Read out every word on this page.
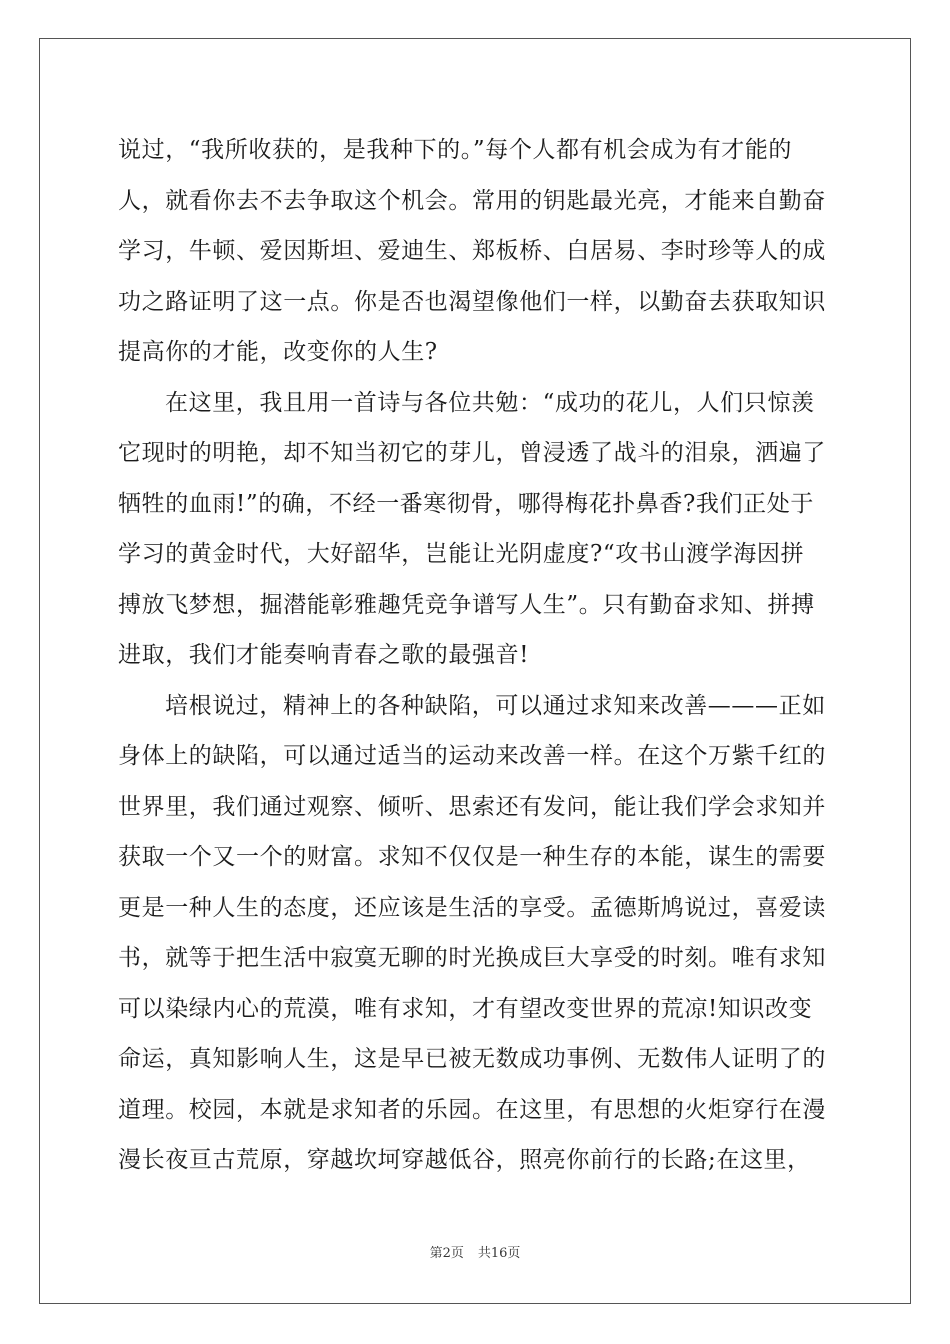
说过，“我所收获的，是我种下的。”每个人都有机会成为有才能的
人，就看你去不去争取这个机会。常用的钥匙最光亮，才能来自勤奋
学习，牛顿、爱因斯坦、爱迪生、郑板桥、白居易、李时珍等人的成
功之路证明了这一点。你是否也渴望像他们一样，以勤奋去获取知识
提高你的才能，改变你的人生?
在这里，我且用一首诗与各位共勉：“成功的花儿，人们只惊羡
它现时的明艳，却不知当初它的芽儿，曾浸透了战斗的泪泉，洒遍了
牺牲的血雨!”的确，不经一番寒彻骨，哪得梅花扑鼻香?我们正处于
学习的黄金时代，大好韶华，岂能让光阴虚度?“攻书山渡学海因拼
搏放飞梦想，掘潜能彰雅趣凭竞争谱写人生”。只有勤奋求知、拼搏
进取，我们才能奏响青春之歌的最强音!
培根说过，精神上的各种缺陷，可以通过求知来改善———正如
身体上的缺陷，可以通过适当的运动来改善一样。在这个万紫千红的
世界里，我们通过观察、倾听、思索还有发问，能让我们学会求知并
获取一个又一个的财富。求知不仅仅是一种生存的本能，谋生的需要
更是一种人生的态度，还应该是生活的享受。孟德斯鸠说过，喜爱读
书，就等于把生活中寂寞无聊的时光换成巨大享受的时刻。唯有求知
可以染绿内心的荒漠，唯有求知，才有望改变世界的荒凉!知识改变
命运，真知影响人生，这是早已被无数成功事例、无数伟人证明了的
道理。校园，本就是求知者的乐园。在这里，有思想的火炬穿行在漫
漫长夜亘古荒原，穿越坎坷穿越低谷，照亮你前行的长路;在这里，
第2页 共16页
